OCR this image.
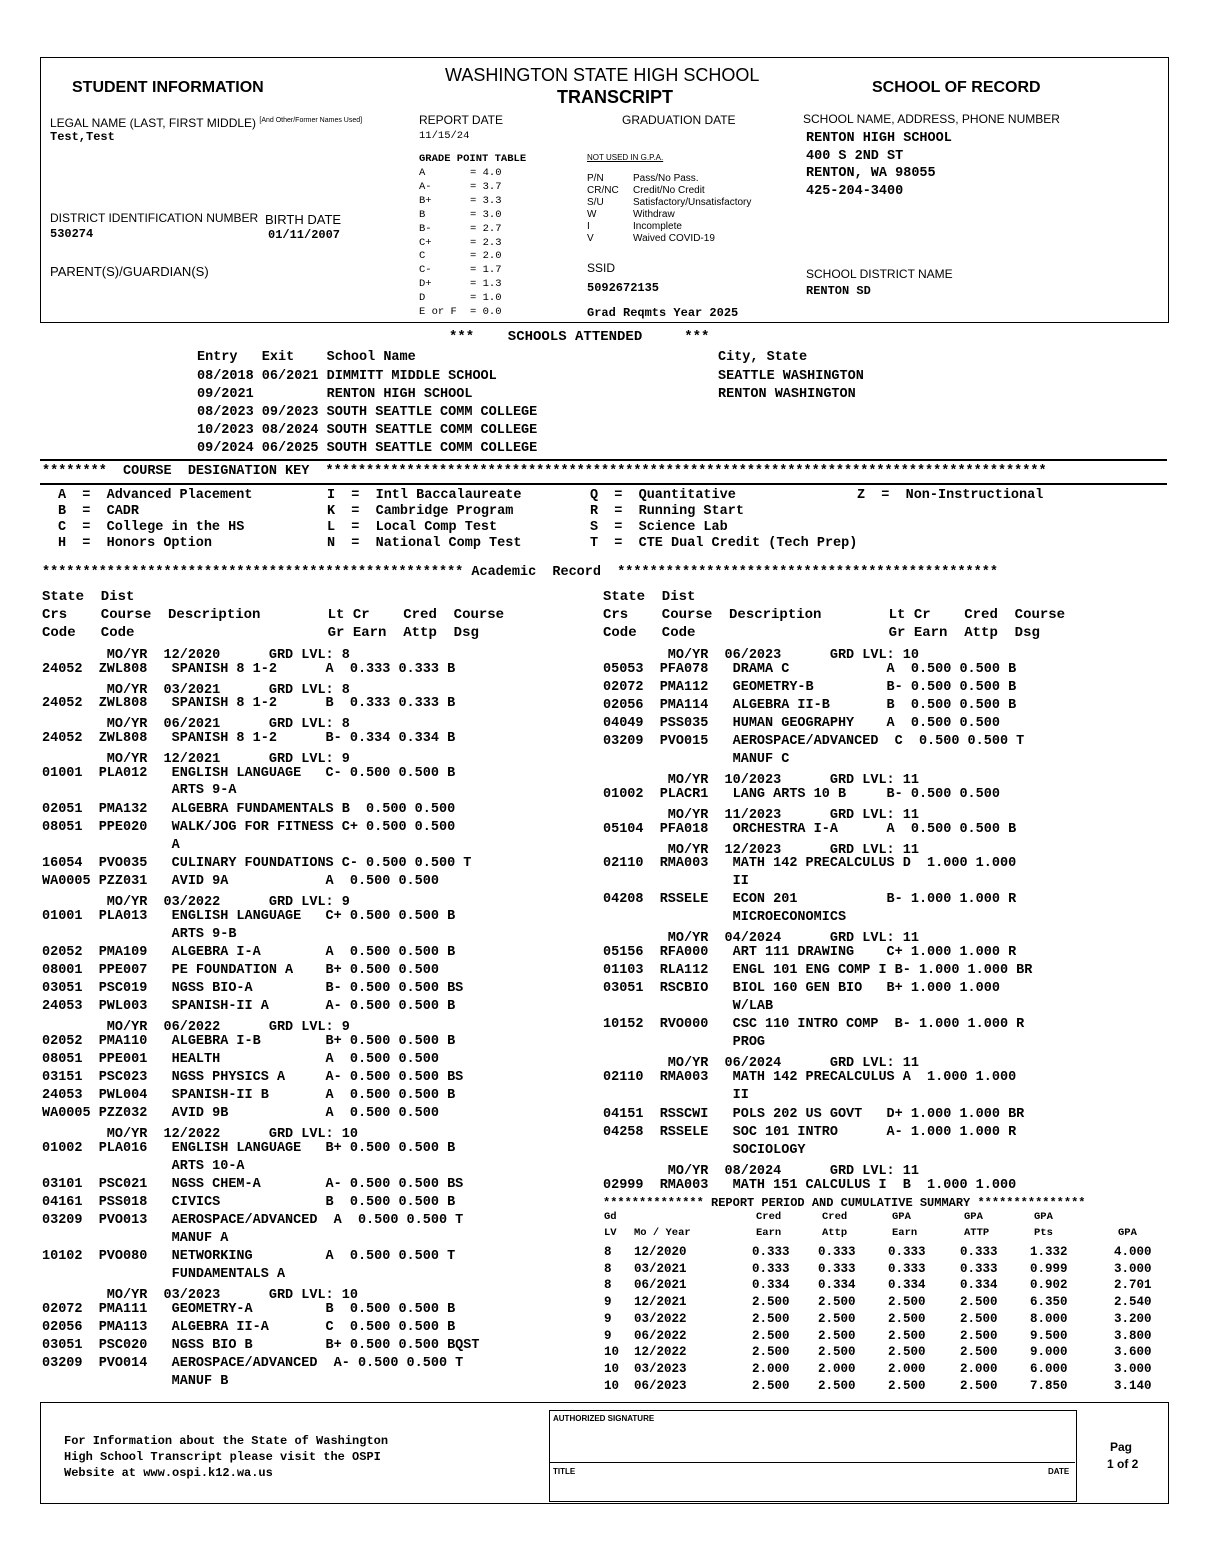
STUDENT INFORMATION
WASHINGTON STATE HIGH SCHOOL
TRANSCRIPT	SCHOOL OF RECORD
LEGAL NAME (LAST, FIRST MIDDLE) [And Other/Former Names Used]
Test,Test
REPORT DATE
11/15/24
GRADUATION DATE	SCHOOL NAME, ADDRESS, PHONE NUMBER
RENTON HIGH SCHOOL
400 S 2ND ST
RENTON, WA 98055
425-204-3400
GRADE POINT TABLE
A	= 4.0
A-	= 3.7
B+	= 3.3
B	= 3.0
B-	= 2.7
C+	= 2.3
C	= 2.0
C-	= 1.7
D+	= 1.3
D	= 1.0
E or F = 0.0
NOT USED IN G.P.A.
P/N	Pass/No Pass.
CR/NC Credit/No Credit
S/U	Satisfactory/Unsatisfactory
W	Withdraw
I	Incomplete
V	Waived COVID-19
DISTRICT IDENTIFICATION NUMBER
530274
BIRTH DATE
01/11/2007
PARENT(S)/GUARDIAN(S)	SSID
5092672135
Grad Reqmts Year 2025
SCHOOL DISTRICT NAME
RENTON SD
***    SCHOOLS ATTENDED     ***
Entry   Exit    School Name	City, State
08/2018 06/2021 DIMMITT MIDDLE SCHOOL	SEATTLE WASHINGTON
09/2021         RENTON HIGH SCHOOL	RENTON WASHINGTON
08/2023 09/2023 SOUTH SEATTLE COMM COLLEGE
10/2023 08/2024 SOUTH SEATTLE COMM COLLEGE
09/2024 06/2025 SOUTH SEATTLE COMM COLLEGE
********  COURSE  DESIGNATION KEY  *****************************************************************************************
A  =  Advanced Placement	I  =  Intl Baccalaureate	Q  =  Quantitative	Z  =  Non-Instructional
B  =  CADR	K  =  Cambridge Program	R  =  Running Start
C  =  College in the HS	L  =  Local Comp Test	S  =  Science Lab
H  =  Honors Option	N  =  National Comp Test	T  =  CTE Dual Credit (Tech Prep)
**************************************************** Academic  Record  ***********************************************
State  Dist
Crs    Course  Description        Lt Cr    Cred  Course
Code   Code                       Gr Earn  Attp  Dsg
State  Dist
Crs    Course  Description        Lt Cr    Cred  Course
Code   Code                       Gr Earn  Attp  Dsg
MO/YR  12/2020      GRD LVL: 8
24052  ZWL808   SPANISH 8 1-2      A  0.333 0.333 B
MO/YR  03/2021      GRD LVL: 8
24052  ZWL808   SPANISH 8 1-2      B  0.333 0.333 B
MO/YR  06/2021      GRD LVL: 8
24052  ZWL808   SPANISH 8 1-2      B- 0.334 0.334 B
MO/YR  12/2021      GRD LVL: 9
01001  PLA012   ENGLISH LANGUAGE   C- 0.500 0.500 B
ARTS 9-A
02051  PMA132   ALGEBRA FUNDAMENTALS B  0.500 0.500
08051  PPE020   WALK/JOG FOR FITNESS C+ 0.500 0.500
A
16054  PVO035   CULINARY FOUNDATIONS C- 0.500 0.500 T
WA0005 PZZ031   AVID 9A            A  0.500 0.500
MO/YR  03/2022      GRD LVL: 9
01001  PLA013   ENGLISH LANGUAGE   C+ 0.500 0.500 B
ARTS 9-B
02052  PMA109   ALGEBRA I-A        A  0.500 0.500 B
08001  PPE007   PE FOUNDATION A    B+ 0.500 0.500
03051  PSC019   NGSS BIO-A         B- 0.500 0.500 BS
24053  PWL003   SPANISH-II A       A- 0.500 0.500 B
MO/YR  06/2022      GRD LVL: 9
02052  PMA110   ALGEBRA I-B        B+ 0.500 0.500 B
08051  PPE001   HEALTH             A  0.500 0.500
03151  PSC023   NGSS PHYSICS A     A- 0.500 0.500 BS
24053  PWL004   SPANISH-II B       A  0.500 0.500 B
WA0005 PZZ032   AVID 9B            A  0.500 0.500
MO/YR  12/2022      GRD LVL: 10
01002  PLA016   ENGLISH LANGUAGE   B+ 0.500 0.500 B
ARTS 10-A
03101  PSC021   NGSS CHEM-A        A- 0.500 0.500 BS
04161  PSS018   CIVICS             B  0.500 0.500 B
03209  PVO013   AEROSPACE/ADVANCED  A  0.500 0.500 T
MANUF A
10102  PVO080   NETWORKING         A  0.500 0.500 T
FUNDAMENTALS A
MO/YR  03/2023      GRD LVL: 10
02072  PMA111   GEOMETRY-A         B  0.500 0.500 B
02056  PMA113   ALGEBRA II-A       C  0.500 0.500 B
03051  PSC020   NGSS BIO B         B+ 0.500 0.500 BQST
03209  PVO014   AEROSPACE/ADVANCED  A- 0.500 0.500 T
MANUF B
MO/YR  06/2023      GRD LVL: 10
05053  PFA078   DRAMA C            A  0.500 0.500 B
02072  PMA112   GEOMETRY-B         B- 0.500 0.500 B
02056  PMA114   ALGEBRA II-B       B  0.500 0.500 B
04049  PSS035   HUMAN GEOGRAPHY    A  0.500 0.500
03209  PVO015   AEROSPACE/ADVANCED  C  0.500 0.500 T
MANUF C
MO/YR  10/2023      GRD LVL: 11
01002  PLACR1   LANG ARTS 10 B     B- 0.500 0.500
MO/YR  11/2023      GRD LVL: 11
05104  PFA018   ORCHESTRA I-A      A  0.500 0.500 B
MO/YR  12/2023      GRD LVL: 11
02110  RMA003   MATH 142 PRECALCULUS D  1.000 1.000
II
04208  RSSELE   ECON 201           B- 1.000 1.000 R
MICROECONOMICS
MO/YR  04/2024      GRD LVL: 11
05156  RFA000   ART 111 DRAWING    C+ 1.000 1.000 R
01103  RLA112   ENGL 101 ENG COMP I B- 1.000 1.000 BR
03051  RSCBIO   BIOL 160 GEN BIO   B+ 1.000 1.000
W/LAB
10152  RVO000   CSC 110 INTRO COMP  B- 1.000 1.000 R
PROG
MO/YR  06/2024      GRD LVL: 11
02110  RMA003   MATH 142 PRECALCULUS A  1.000 1.000
II
04151  RSSCWI   POLS 202 US GOVT   D+ 1.000 1.000 BR
04258  RSSELE   SOC 101 INTRO      A- 1.000 1.000 R
SOCIOLOGY
MO/YR  08/2024      GRD LVL: 11
02999  RMA003   MATH 151 CALCULUS I  B  1.000 1.000
************** REPORT PERIOD AND CUMULATIVE SUMMARY ***************
Gd	Cred	Cred	GPA	GPA	GPA
LV Mo / Year	Earn	Attp	Earn	ATTP	Pts	GPA
8 12/2020	0.333 0.333	0.333	0.333	1.332	4.000
8 03/2021	0.333 0.333	0.333	0.333	0.999	3.000
8 06/2021	0.334 0.334	0.334	0.334	0.902	2.701
9 12/2021	2.500 2.500	2.500	2.500	6.350	2.540
9 03/2022	2.500 2.500	2.500	2.500	8.000	3.200
9 06/2022	2.500 2.500	2.500	2.500	9.500	3.800
10 12/2022	2.500 2.500	2.500	2.500	9.000	3.600
10 03/2023	2.000 2.000	2.000	2.000	6.000	3.000
10 06/2023	2.500 2.500	2.500	2.500	7.850	3.140
For Information about the State of Washington
High School Transcript please visit the OSPI
Website at www.ospi.k12.wa.us
AUTHORIZED SIGNATURE
TITLE	DATE
Pag
1 of 2
